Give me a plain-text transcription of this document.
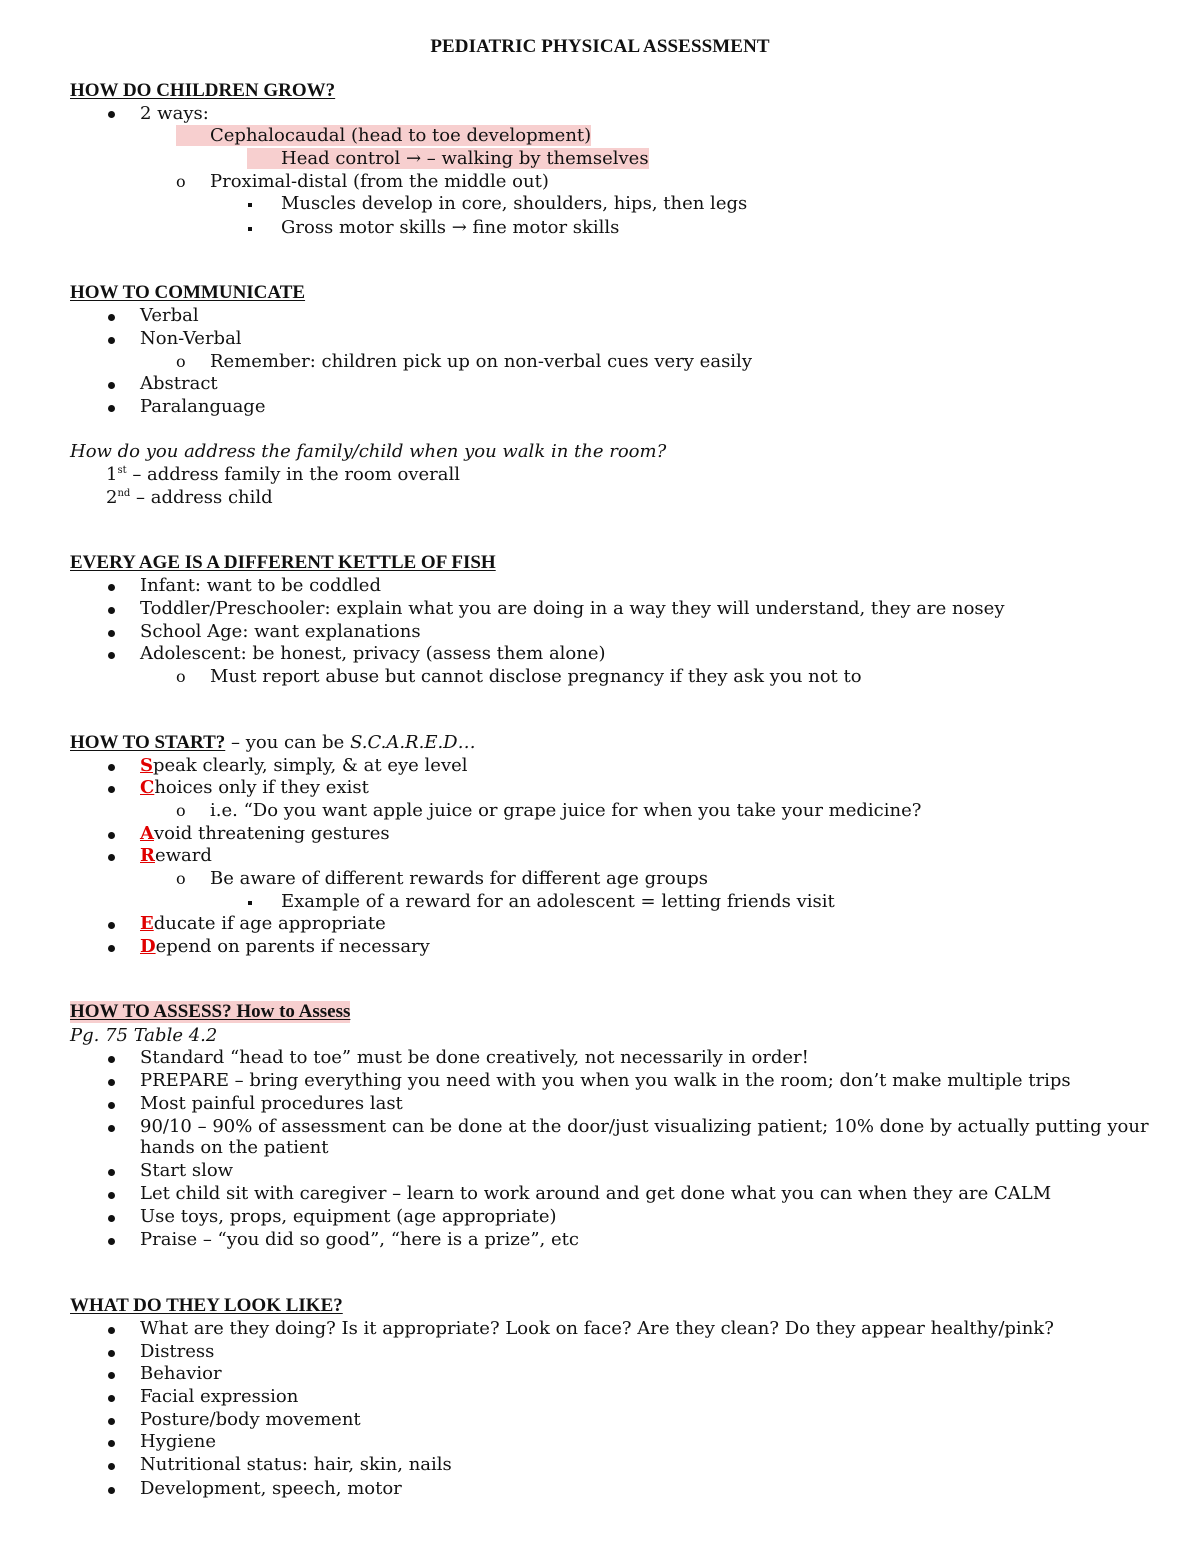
PEDIATRIC PHYSICAL ASSESSMENT
HOW DO CHILDREN GROW?
2 ways:
Cephalocaudal (head to toe development)
Head control → – walking by themselves
o	Proximal-distal (from the middle out)
Muscles develop in core, shoulders, hips, then legs
Gross motor skills → fine motor skills
HOW TO COMMUNICATE
Verbal
Non-Verbal
o	Remember: children pick up on non-verbal cues very easily
Abstract
Paralanguage
How do you address the family/child when you walk in the room?
1st – address family in the room overall
2nd – address child
EVERY AGE IS A DIFFERENT KETTLE OF FISH
Infant: want to be coddled
Toddler/Preschooler: explain what you are doing in a way they will understand, they are nosey
School Age: want explanations
Adolescent: be honest, privacy (assess them alone)
o	Must report abuse but cannot disclose pregnancy if they ask you not to
HOW TO START? – you can be S.C.A.R.E.D…
Speak clearly, simply, & at eye level
Choices only if they exist
o	i.e. “Do you want apple juice or grape juice for when you take your medicine?
Avoid threatening gestures
Reward
o	Be aware of different rewards for different age groups
Example of a reward for an adolescent = letting friends visit
Educate if age appropriate
Depend on parents if necessary
HOW TO ASSESS? How to Assess
Pg. 75 Table 4.2
Standard “head to toe” must be done creatively, not necessarily in order!
PREPARE – bring everything you need with you when you walk in the room; don’t make multiple trips
Most painful procedures last
90/10 – 90% of assessment can be done at the door/just visualizing patient; 10% done by actually putting your
hands on the patient
Start slow
Let child sit with caregiver – learn to work around and get done what you can when they are CALM
Use toys, props, equipment (age appropriate)
Praise – “you did so good”, “here is a prize”, etc
WHAT DO THEY LOOK LIKE?
What are they doing? Is it appropriate? Look on face? Are they clean? Do they appear healthy/pink?
Distress
Behavior
Facial expression
Posture/body movement
Hygiene
Nutritional status: hair, skin, nails
Development, speech, motor
